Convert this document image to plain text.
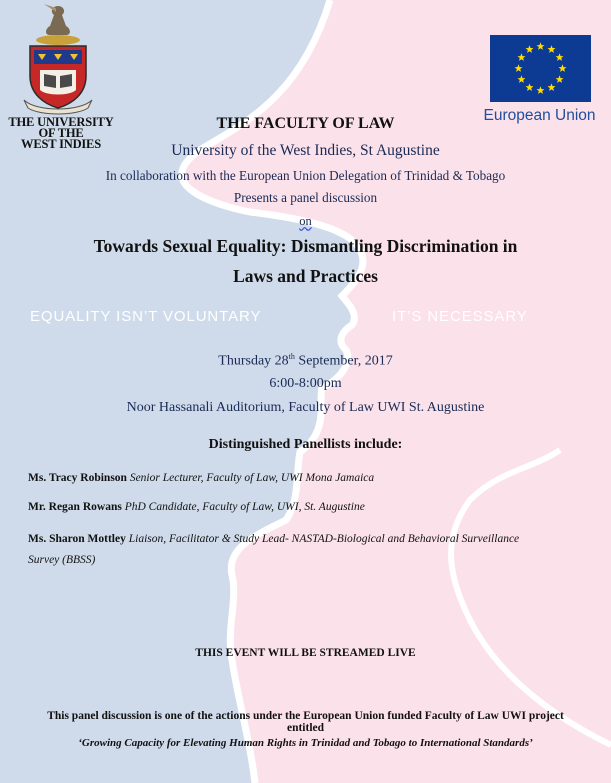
THE UNIVERSITY
OF THE
WEST INDIES
European Union
THE FACULTY OF LAW
University of the West Indies, St Augustine
In collaboration with the European Union Delegation of Trinidad & Tobago
Presents a panel discussion
on
Towards Sexual Equality: Dismantling Discrimination in
Laws and Practices
EQUALITY ISN’T VOLUNTARY	IT’S NECESSARY
Thursday 28th September, 2017
6:00-8:00pm
Noor Hassanali Auditorium, Faculty of Law UWI St. Augustine
Distinguished Panellists include:
Ms. Tracy Robinson Senior Lecturer, Faculty of Law, UWI Mona Jamaica
Mr. Regan Rowans PhD Candidate, Faculty of Law, UWI, St. Augustine
Ms. Sharon Mottley Liaison, Facilitator & Study Lead- NASTAD-Biological and Behavioral Surveillance
Survey (BBSS)
THIS EVENT WILL BE STREAMED LIVE
This panel discussion is one of the actions under the European Union funded Faculty of Law UWI project
entitled
‘Growing Capacity for Elevating Human Rights in Trinidad and Tobago to International Standards’
